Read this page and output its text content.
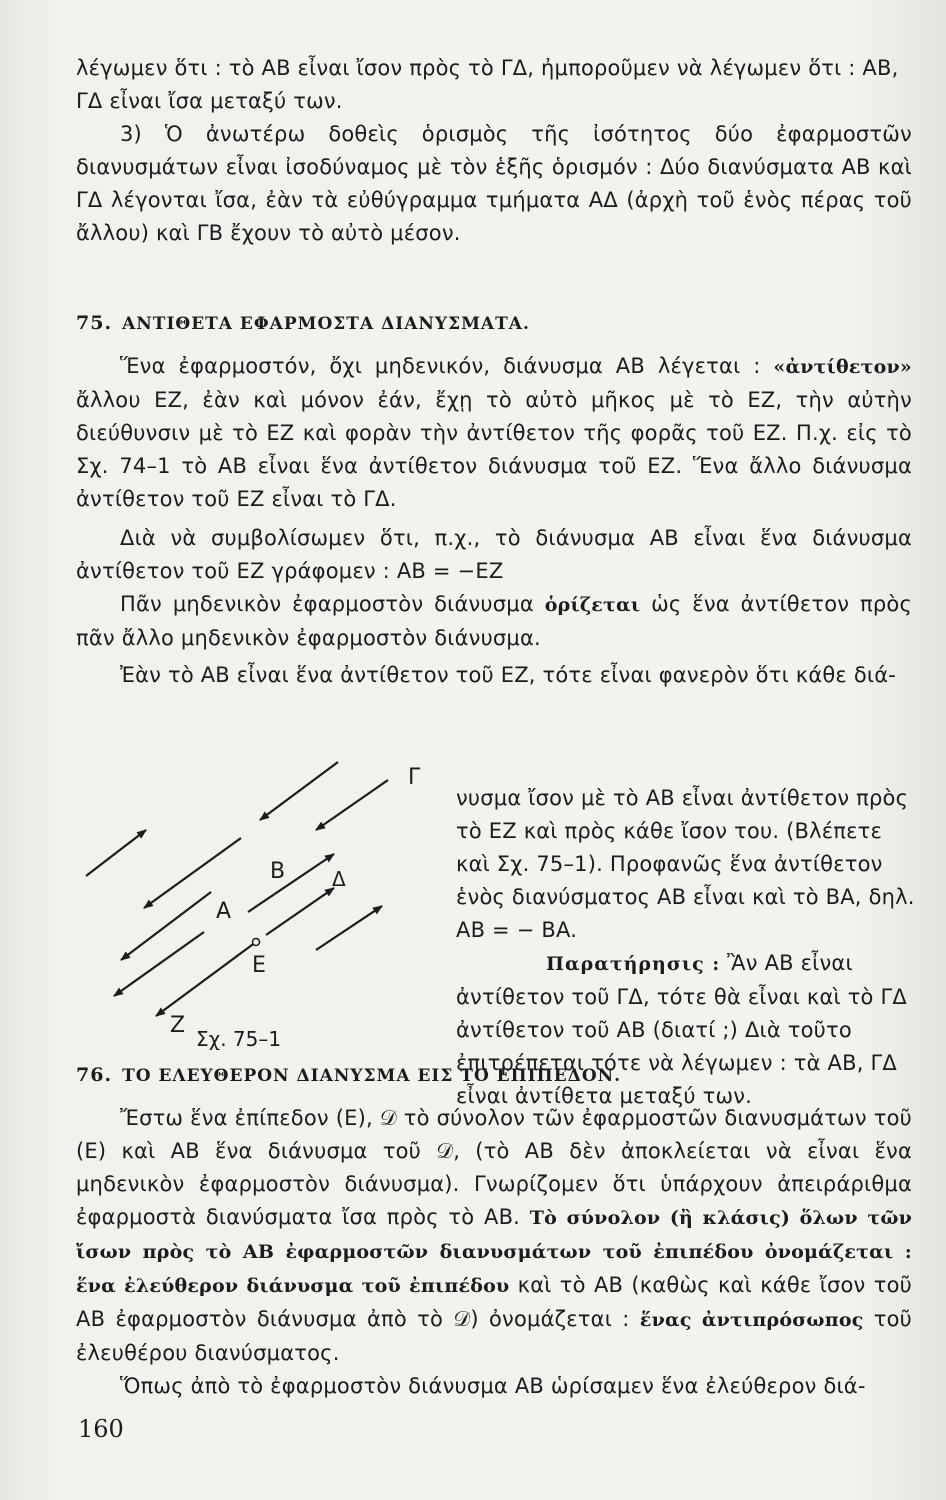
λέγωμεν ὅτι : τὸ AB εἶναι ἴσον πρὸς τὸ ΓΔ, ἠμποροῦμεν νὰ λέγωμεν ὅτι : AB,

ΓΔ εἶναι ἴσα μεταξύ των.

3) Ὁ ἀνωτέρω δοθεὶς ὁρισμὸς τῆς ἰσότητος δύο ἐφαρμοστῶν διανυσμάτων εἶναι ἰσοδύναμος μὲ τὸν ἑξῆς ὁρισμόν : Δύο διανύσματα AB καὶ ΓΔ λέγονται ἴσα, ἐὰν τὰ εὐθύγραμμα τμήματα ΑΔ (ἀρχὴ τοῦ ἑνὸς πέρας τοῦ ἄλλου) καὶ ΓB ἔχουν τὸ αὐτὸ μέσον.

75. ΑΝΤΙΘΕΤΑ ΕΦΑΡΜΟΣΤΑ ΔΙΑΝΥΣΜΑΤΑ.

Ἕνα ἐφαρμοστόν, ὄχι μηδενικόν, διάνυσμα AB λέγεται : «ἀντίθετον» ἄλλου EZ, ἐὰν καὶ μόνον ἐάν, ἔχῃ τὸ αὐτὸ μῆκος μὲ τὸ EZ, τὴν αὐτὴν διεύθυνσιν μὲ τὸ EZ καὶ φορὰν τὴν ἀντίθετον τῆς φορᾶς τοῦ EZ. Π.χ. εἰς τὸ Σχ. 74–1 τὸ AB εἶναι ἕνα ἀντίθετον διάνυσμα τοῦ EZ. Ἕνα ἄλλο διάνυσμα ἀντίθετον τοῦ EZ εἶναι τὸ ΓΔ.

Διὰ νὰ συμβολίσωμεν ὅτι, π.χ., τὸ διάνυσμα AB εἶναι ἕνα διάνυσμα ἀντίθετον τοῦ EZ γράφομεν : AB = −EZ

Πᾶν μηδενικὸν ἐφαρμοστὸν διάνυσμα ὁρίζεται ὡς ἕνα ἀντίθετον πρὸς πᾶν ἄλλο μηδενικὸν ἐφαρμοστὸν διάνυσμα.

Ἐὰν τὸ AB εἶναι ἕνα ἀντίθετον τοῦ EZ, τότε εἶναι φανερὸν ὅτι κάθε διά-

Γ
B Δ
A
E
Z
Σχ. 75–1

νυσμα ἴσον μὲ τὸ AB εἶναι ἀντίθετον πρὸς τὸ EZ καὶ πρὸς κάθε ἴσον του. (Βλέπετε καὶ Σχ. 75–1). Προφανῶς ἕνα ἀντίθετον ἑνὸς διανύσματος AB εἶναι καὶ τὸ BA, δηλ. AB = − BA.

Παρατήρησις : Ἂν AB εἶναι ἀντίθετον τοῦ ΓΔ, τότε θὰ εἶναι καὶ τὸ ΓΔ ἀντίθετον τοῦ AB (διατί ;) Διὰ τοῦτο ἐπιτρέπεται τότε νὰ λέγωμεν : τὰ AB, ΓΔ εἶναι ἀντίθετα μεταξύ των.

76. ΤΟ ΕΛΕΥΘΕΡΟΝ ΔΙΑΝΥΣΜΑ ΕΙΣ ΤΟ ΕΠΙΠΕΔΟΝ.

Ἔστω ἕνα ἐπίπεδον (E), 𝒟 τὸ σύνολον τῶν ἐφαρμοστῶν διανυσμάτων τοῦ (E) καὶ AB ἕνα διάνυσμα τοῦ 𝒟, (τὸ AB δὲν ἀποκλείεται νὰ εἶναι ἕνα μηδενικὸν ἐφαρμοστὸν διάνυσμα). Γνωρίζομεν ὅτι ὑπάρχουν ἀπειράριθμα ἐφαρμοστὰ διανύσματα ἴσα πρὸς τὸ AB. Τὸ σύνολον (ἢ κλάσις) ὅλων τῶν ἴσων πρὸς τὸ AB ἐφαρμοστῶν διανυσμάτων τοῦ ἐπιπέδου ὀνομάζεται : ἕνα ἐλεύθερον διάνυσμα τοῦ ἐπιπέδου καὶ τὸ AB (καθὼς καὶ κάθε ἴσον τοῦ AB ἐφαρμοστὸν διάνυσμα ἀπὸ τὸ 𝒟) ὀνομάζεται : ἕνας ἀντιπρόσωπος τοῦ ἐλευθέρου διανύσματος.

Ὅπως ἀπὸ τὸ ἐφαρμοστὸν διάνυσμα AB ὡρίσαμεν ἕνα ἐλεύθερον διά-

160
